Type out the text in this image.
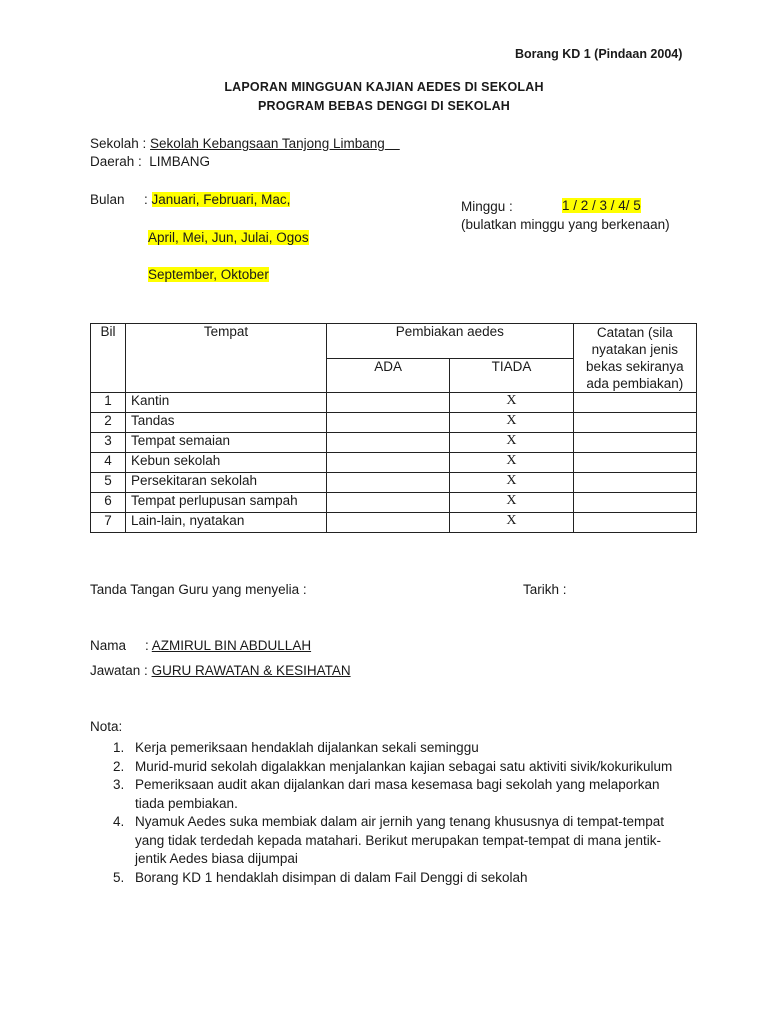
Borang KD 1 (Pindaan 2004)
LAPORAN MINGGUAN KAJIAN AEDES DI SEKOLAH
PROGRAM BEBAS DENGGI DI SEKOLAH
Sekolah : Sekolah Kebangsaan Tanjong Limbang
Daerah : LIMBANG
Bulan : Januari, Februari, Mac,
April, Mei, Jun, Julai, Ogos
September, Oktober
Minggu :	1 / 2 / 3 / 4/ 5
(bulatkan minggu yang berkenaan)
Bil	Tempat	Pembiakan aedes		Catatan (sila nyatakan jenis bekas sekiranya ada pembiakan)
		ADA	TIADA	
1	Kantin		X	
2	Tandas		X	
3	Tempat semaian		X	
4	Kebun sekolah		X	
5	Persekitaran sekolah		X	
6	Tempat perlupusan sampah		X	
7	Lain-lain, nyatakan		X	
Tanda Tangan Guru yang menyelia :	Tarikh :
Nama : AZMIRUL BIN ABDULLAH
Jawatan : GURU RAWATAN & KESIHATAN
Nota:
1. Kerja pemeriksaan hendaklah dijalankan sekali seminggu
2. Murid-murid sekolah digalakkan menjalankan kajian sebagai satu aktiviti sivik/kokurikulum
3. Pemeriksaan audit akan dijalankan dari masa kesemasa bagi sekolah yang melaporkan tiada pembiakan.
4. Nyamuk Aedes suka membiak dalam air jernih yang tenang khususnya di tempat-tempat yang tidak terdedah kepada matahari. Berikut merupakan tempat-tempat di mana jentik-jentik Aedes biasa dijumpai
5. Borang KD 1 hendaklah disimpan di dalam Fail Denggi di sekolah
